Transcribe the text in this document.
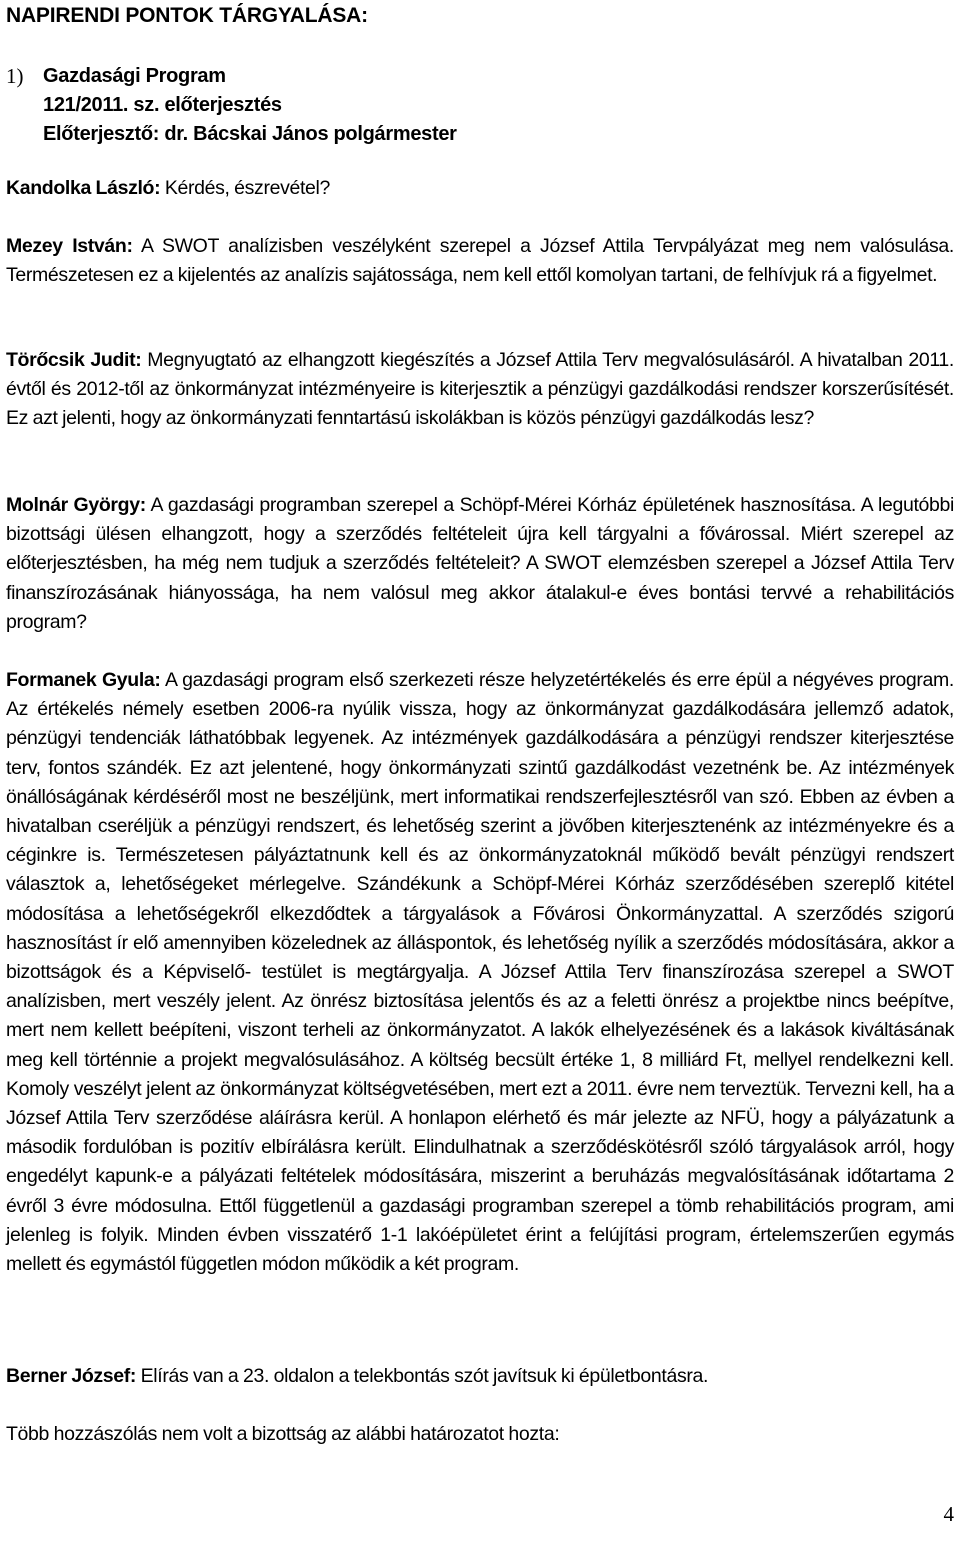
NAPIRENDI PONTOK TÁRGYALÁSA:
1) Gazdasági Program
121/2011. sz. előterjesztés
Előterjesztő: dr. Bácskai János polgármester
Kandolka László: Kérdés, észrevétel?
Mezey István: A SWOT analízisben veszélyként szerepel a József Attila Tervpályázat meg nem valósulása. Természetesen ez a kijelentés az analízis sajátossága, nem kell ettől komolyan tartani, de felhívjuk rá a figyelmet.
Törőcsik Judit: Megnyugtató az elhangzott kiegészítés a József Attila Terv megvalósulásáról. A hivatalban 2011. évtől és 2012-től az önkormányzat intézményeire is kiterjesztik a pénzügyi gazdálkodási rendszer korszerűsítését. Ez azt jelenti, hogy az önkormányzati fenntartású iskolákban is közös pénzügyi gazdálkodás lesz?
Molnár György: A gazdasági programban szerepel a Schöpf-Mérei Kórház épületének hasznosítása. A legutóbbi bizottsági ülésen elhangzott, hogy a szerződés feltételeit újra kell tárgyalni a fővárossal. Miért szerepel az előterjesztésben, ha még nem tudjuk a szerződés feltételeit? A SWOT elemzésben szerepel a József Attila Terv finanszírozásának hiányossága, ha nem valósul meg akkor átalakul-e éves bontási tervvé a rehabilitációs program?
Formanek Gyula: A gazdasági program első szerkezeti része helyzetértékelés és erre épül a négyéves program. Az értékelés némely esetben 2006-ra nyúlik vissza, hogy az önkormányzat gazdálkodására jellemző adatok, pénzügyi tendenciák láthatóbbak legyenek. Az intézmények gazdálkodására a pénzügyi rendszer kiterjesztése terv, fontos szándék. Ez azt jelentené, hogy önkormányzati szintű gazdálkodást vezetnénk be. Az intézmények önállóságának kérdéséről most ne beszéljünk, mert informatikai rendszerfejlesztésről van szó. Ebben az évben a hivatalban cseréljük a pénzügyi rendszert, és lehetőség szerint a jövőben kiterjesztenénk az intézményekre és a céginkre is. Természetesen pályáztatnunk kell és az önkormányzatoknál működő bevált pénzügyi rendszert választok a, lehetőségeket mérlegelve. Szándékunk a Schöpf-Mérei Kórház szerződésében szereplő kitétel módosítása a lehetőségekről elkezdődtek a tárgyalások a Fővárosi Önkormányzattal. A szerződés szigorú hasznosítást ír elő amennyiben közelednek az álláspontok, és lehetőség nyílik a szerződés módosítására, akkor a bizottságok és a Képviselő- testület is megtárgyalja. A József Attila Terv finanszírozása szerepel a SWOT analízisben, mert veszély jelent. Az önrész biztosítása jelentős és az a feletti önrész a projektbe nincs beépítve, mert nem kellett beépíteni, viszont terheli az önkormányzatot. A lakók elhelyezésének és a lakások kiváltásának meg kell történnie a projekt megvalósulásához. A költség becsült értéke 1, 8 milliárd Ft, mellyel rendelkezni kell. Komoly veszélyt jelent az önkormányzat költségvetésében, mert ezt a 2011. évre nem terveztük. Tervezni kell, ha a József Attila Terv szerződése aláírásra kerül. A honlapon elérhető és már jelezte az NFÜ, hogy a pályázatunk a második fordulóban is pozitív elbírálásra került. Elindulhatnak a szerződéskötésről szóló tárgyalások arról, hogy engedélyt kapunk-e a pályázati feltételek módosítására, miszerint a beruházás megvalósításának időtartama 2 évről 3 évre módosulna. Ettől függetlenül a gazdasági programban szerepel a tömb rehabilitációs program, ami jelenleg is folyik. Minden évben visszatérő 1-1 lakóépületet érint a felújítási program, értelemszerűen egymás mellett és egymástól független módon működik a két program.
Berner József: Elírás van a 23. oldalon a telekbontás szót javítsuk ki épületbontásra.
Több hozzászólás nem volt a bizottság az alábbi határozatot hozta:
4
